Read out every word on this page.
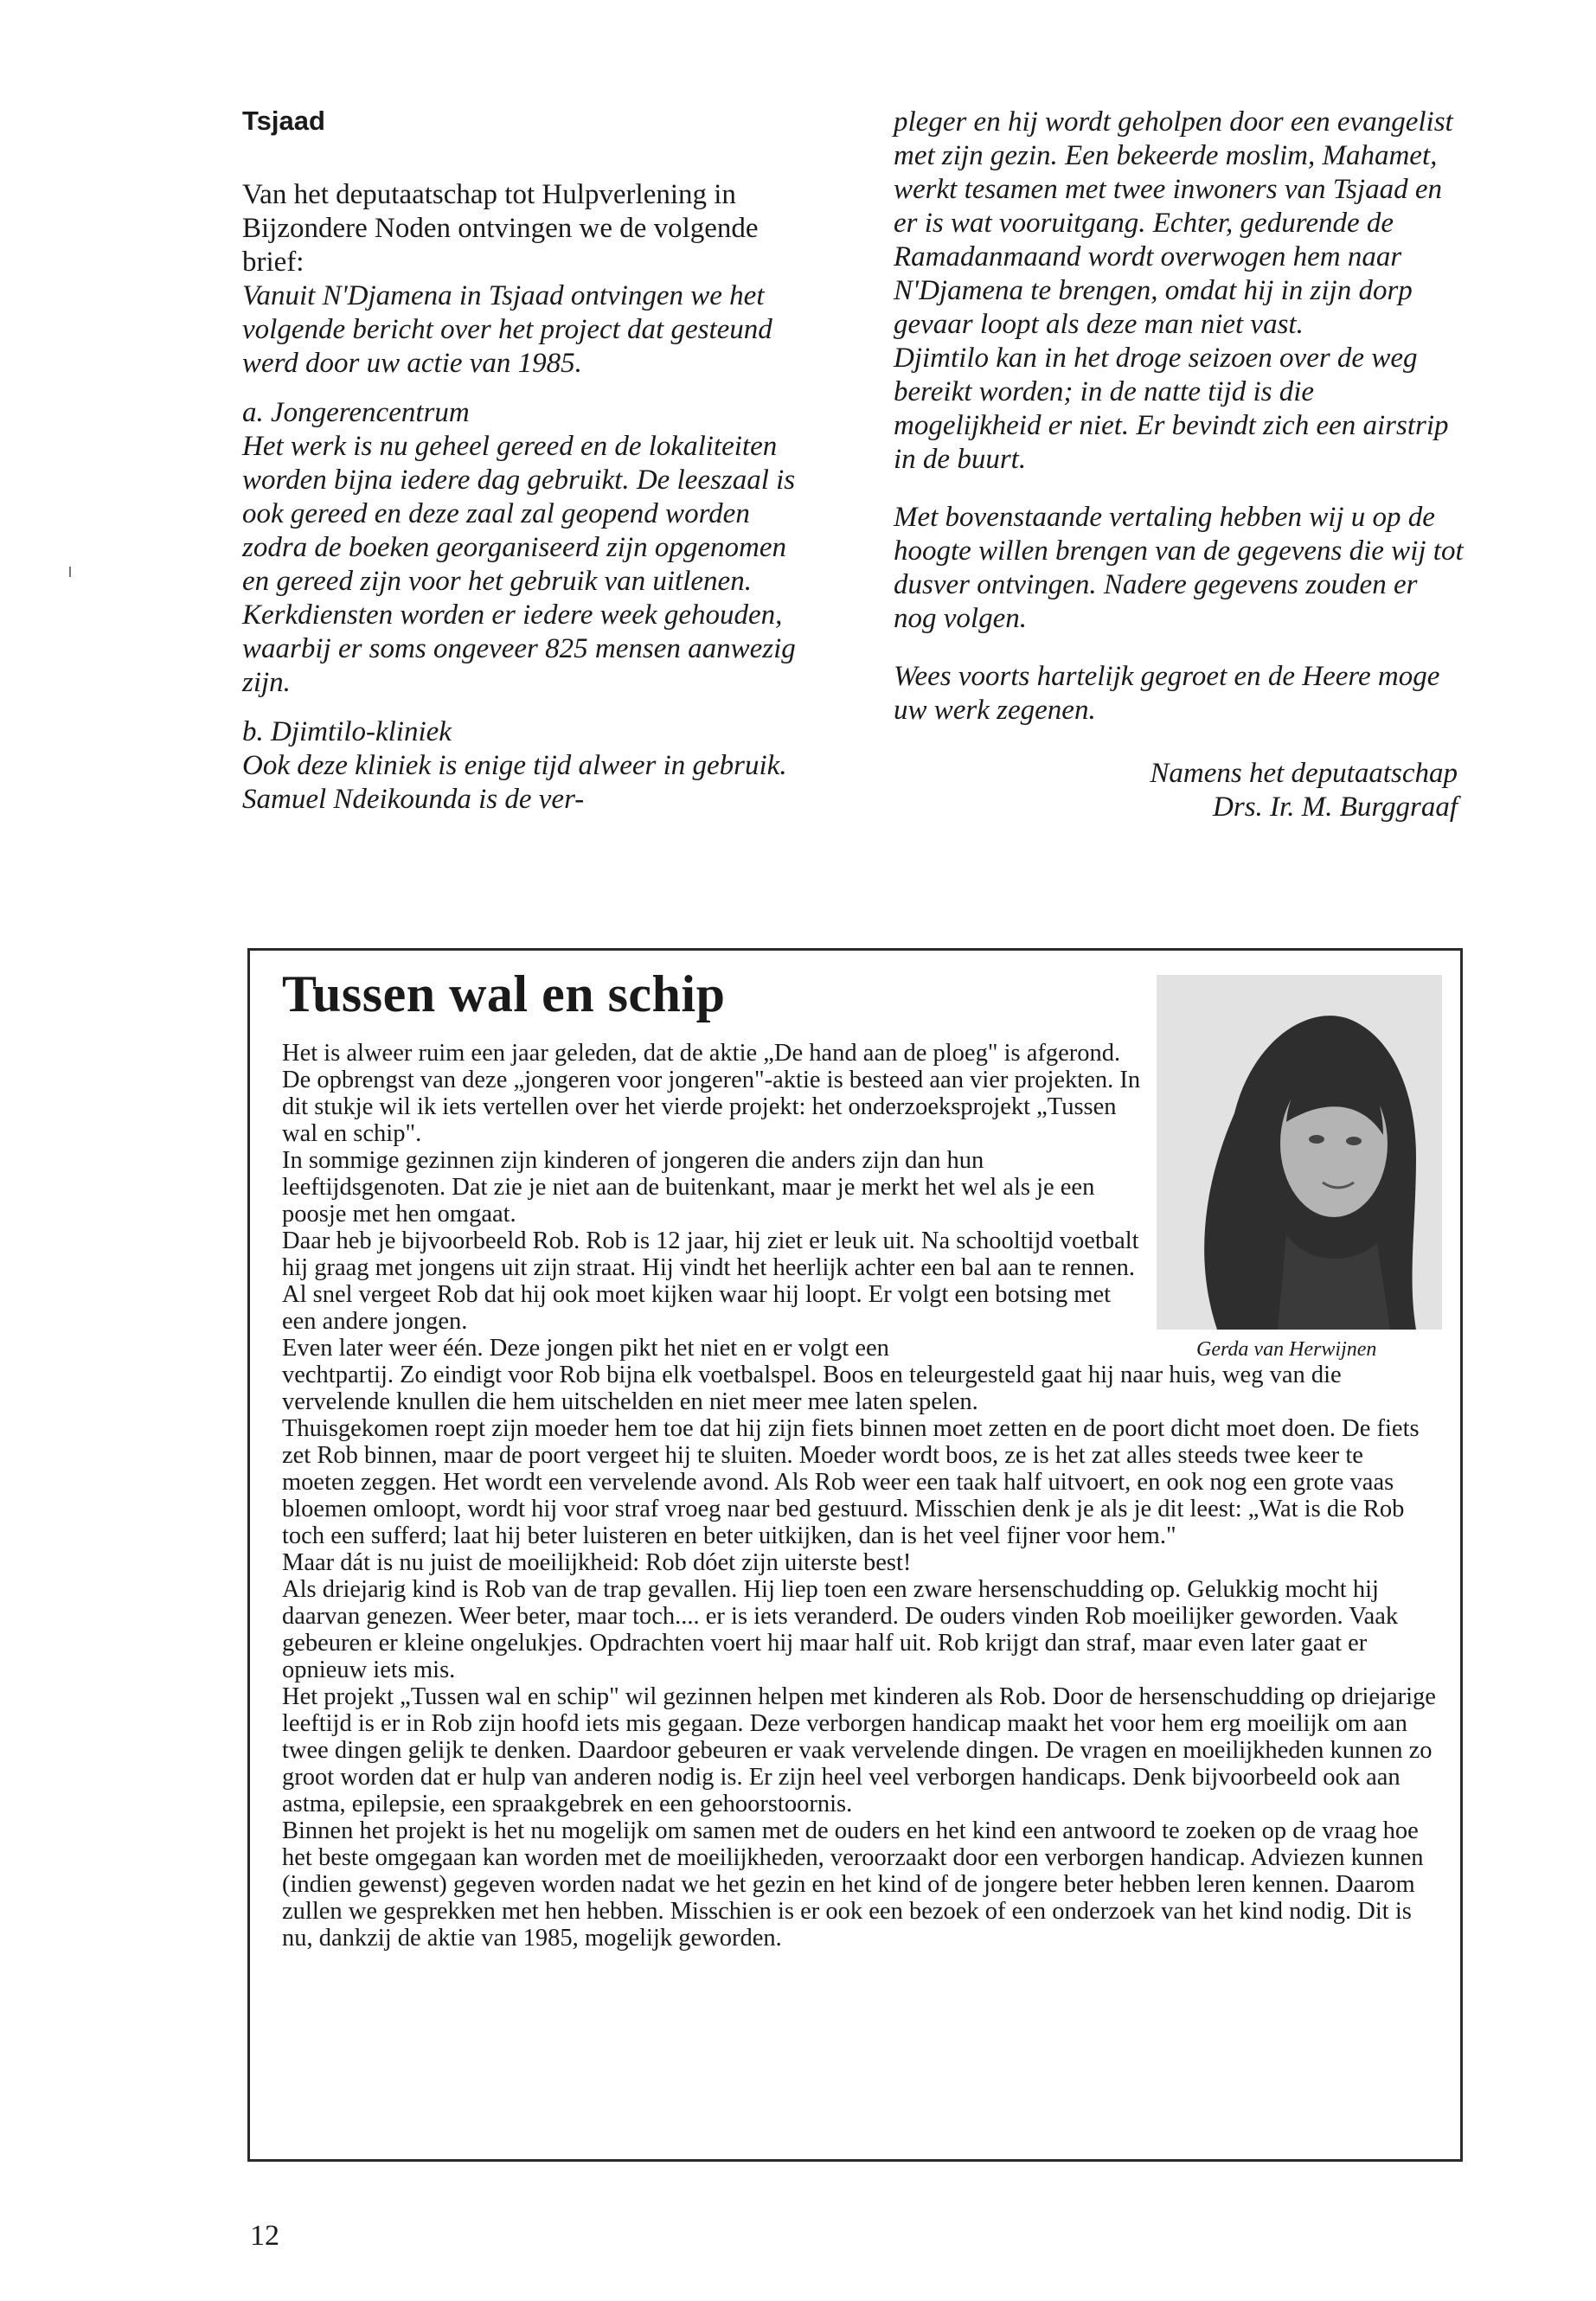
Tsjaad

Van het deputaatschap tot Hulpverlening in Bijzondere Noden ontvingen we de volgende brief:

Vanuit N'Djamena in Tsjaad ontvingen we het volgende bericht over het project dat gesteund werd door uw actie van 1985.

a. Jongerencentrum

Het werk is nu geheel gereed en de lokaliteiten worden bijna iedere dag gebruikt. De leeszaal is ook gereed en deze zaal zal geopend worden zodra de boeken georganiseerd zijn opgenomen en gereed zijn voor het gebruik van uitlenen. Kerkdiensten worden er iedere week gehouden, waarbij er soms ongeveer 825 mensen aanwezig zijn.

b. Djimtilo-kliniek

Ook deze kliniek is enige tijd alweer in gebruik. Samuel Ndeikounda is de ver-

pleger en hij wordt geholpen door een evangelist met zijn gezin. Een bekeerde moslim, Mahamet, werkt tesamen met twee inwoners van Tsjaad en er is wat vooruitgang. Echter, gedurende de Ramadanmaand wordt overwogen hem naar N'Djamena te brengen, omdat hij in zijn dorp gevaar loopt als deze man niet vast.

Djimtilo kan in het droge seizoen over de weg bereikt worden; in de natte tijd is die mogelijkheid er niet. Er bevindt zich een airstrip in de buurt.

Met bovenstaande vertaling hebben wij u op de hoogte willen brengen van de gegevens die wij tot dusver ontvingen. Nadere gegevens zouden er nog volgen.

Wees voorts hartelijk gegroet en de Heere moge uw werk zegenen.

Namens het deputaatschap

Drs. Ir. M. Burggraaf

Tussen wal en schip

Gerda van Herwijnen

Het is alweer ruim een jaar geleden, dat de aktie „De hand aan de ploeg" is afgerond. De opbrengst van deze „jongeren voor jongeren"-aktie is besteed aan vier projekten. In dit stukje wil ik iets vertellen over het vierde projekt: het onderzoeksprojekt „Tussen wal en schip".

In sommige gezinnen zijn kinderen of jongeren die anders zijn dan hun leeftijdsgenoten. Dat zie je niet aan de buitenkant, maar je merkt het wel als je een poosje met hen omgaat.

Daar heb je bijvoorbeeld Rob. Rob is 12 jaar, hij ziet er leuk uit. Na schooltijd voetbalt hij graag met jongens uit zijn straat. Hij vindt het heerlijk achter een bal aan te rennen. Al snel vergeet Rob dat hij ook moet kijken waar hij loopt. Er volgt een botsing met een andere jongen.

Even later weer één. Deze jongen pikt het niet en er volgt een

vechtpartij. Zo eindigt voor Rob bijna elk voetbalspel. Boos en teleurgesteld gaat hij naar huis, weg van die vervelende knullen die hem uitschelden en niet meer mee laten spelen.

Thuisgekomen roept zijn moeder hem toe dat hij zijn fiets binnen moet zetten en de poort dicht moet doen. De fiets zet Rob binnen, maar de poort vergeet hij te sluiten. Moeder wordt boos, ze is het zat alles steeds twee keer te moeten zeggen. Het wordt een vervelende avond. Als Rob weer een taak half uitvoert, en ook nog een grote vaas bloemen omloopt, wordt hij voor straf vroeg naar bed gestuurd. Misschien denk je als je dit leest: „Wat is die Rob toch een sufferd; laat hij beter luisteren en beter uitkijken, dan is het veel fijner voor hem."

Maar dát is nu juist de moeilijkheid: Rob dóet zijn uiterste best!

Als driejarig kind is Rob van de trap gevallen. Hij liep toen een zware hersenschudding op. Gelukkig mocht hij daarvan genezen. Weer beter, maar toch.... er is iets veranderd. De ouders vinden Rob moeilijker geworden. Vaak gebeuren er kleine ongelukjes. Opdrachten voert hij maar half uit. Rob krijgt dan straf, maar even later gaat er opnieuw iets mis.

Het projekt „Tussen wal en schip" wil gezinnen helpen met kinderen als Rob. Door de hersenschudding op driejarige leeftijd is er in Rob zijn hoofd iets mis gegaan. Deze verborgen handicap maakt het voor hem erg moeilijk om aan twee dingen gelijk te denken. Daardoor gebeuren er vaak vervelende dingen. De vragen en moeilijkheden kunnen zo groot worden dat er hulp van anderen nodig is. Er zijn heel veel verborgen handicaps. Denk bijvoorbeeld ook aan astma, epilepsie, een spraakgebrek en een gehoorstoornis.

Binnen het projekt is het nu mogelijk om samen met de ouders en het kind een antwoord te zoeken op de vraag hoe het beste omgegaan kan worden met de moeilijkheden, veroorzaakt door een verborgen handicap. Adviezen kunnen (indien gewenst) gegeven worden nadat we het gezin en het kind of de jongere beter hebben leren kennen. Daarom zullen we gesprekken met hen hebben. Misschien is er ook een bezoek of een onderzoek van het kind nodig. Dit is nu, dankzij de aktie van 1985, mogelijk geworden.

12
